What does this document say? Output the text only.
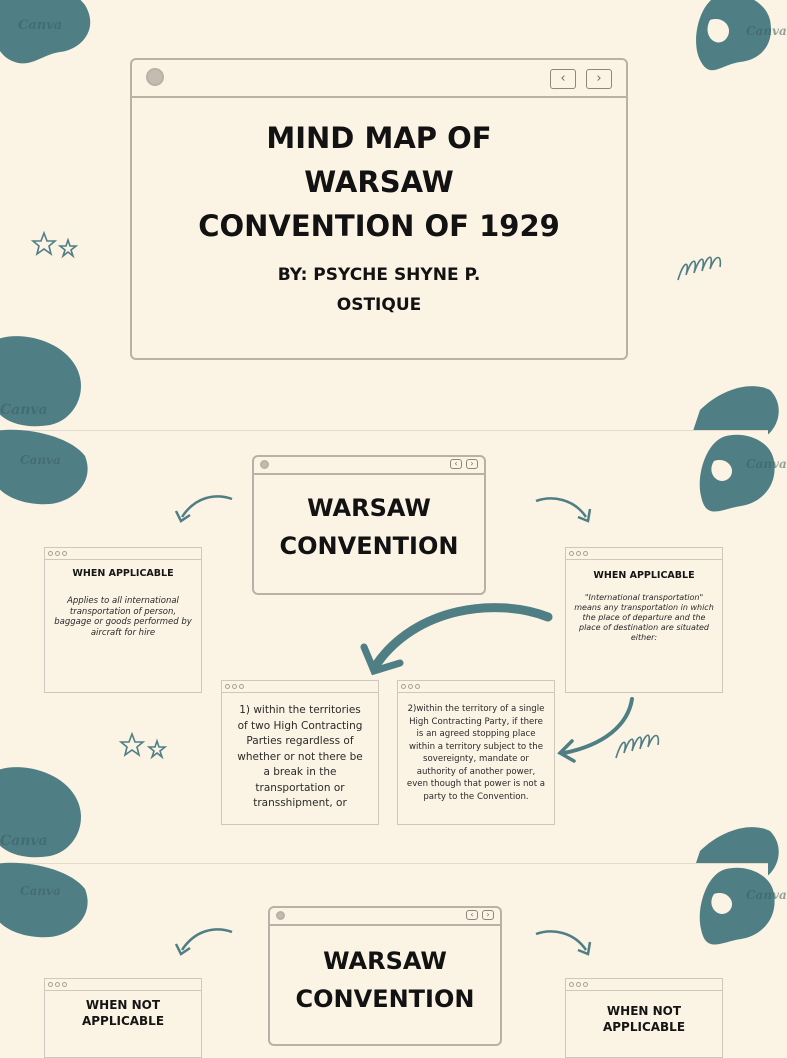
Canva	Canva
Canva
‹	›
MIND MAP OF
WARSAW
CONVENTION OF 1929
BY: PSYCHE SHYNE P.
OSTIQUE
Canva	Canva
Canva
‹	›
WARSAW
CONVENTION
WHEN APPLICABLE
Applies to all international transportation of person, baggage or goods performed by aircraft for hire
WHEN APPLICABLE
"International transportation" means any transportation in which the place of departure and the place of destination are situated either:
1) within the territories of two High Contracting Parties regardless of whether or not there be a break in the transportation or transshipment, or
2)within the territory of a single High Contracting Party, if there is an agreed stopping place within a territory subject to the sovereignty, mandate or authority of another power, even though that power is not a party to the Convention.
Canva	Canva
‹	›
WARSAW
CONVENTION
WHEN NOT APPLICABLE
WHEN NOT APPLICABLE
